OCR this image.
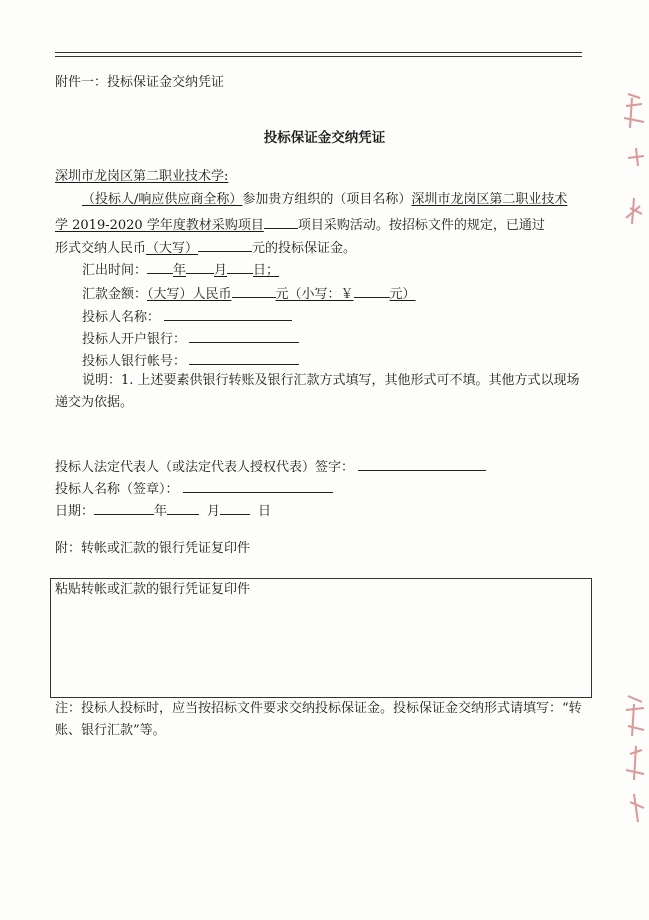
附件一：投标保证金交纳凭证
投标保证金交纳凭证
深圳市龙岗区第二职业技术学:
（投标人/响应供应商全称）参加贵方组织的（项目名称）深圳市龙岗区第二职业技术
学 2019-2020 学年度教材采购项目	项目采购活动。按招标文件的规定，已通过
形式交纳人民币（大写）	元的投标保证金。
汇出时间： 年 月 日；
汇款金额：（大写）人民币	元（小写：￥	元）
投标人名称：
投标人开户银行：
投标人银行帐号：
说明：1. 上述要素供银行转账及银行汇款方式填写，其他形式可不填。其他方式以现场
递交为依据。
投标人法定代表人（或法定代表人授权代表）签字：
投标人名称（签章）：
日期：	年	月	日
附：转帐或汇款的银行凭证复印件
粘贴转帐或汇款的银行凭证复印件
注：投标人投标时，应当按招标文件要求交纳投标保证金。投标保证金交纳形式请填写：“转
账、银行汇款”等。
